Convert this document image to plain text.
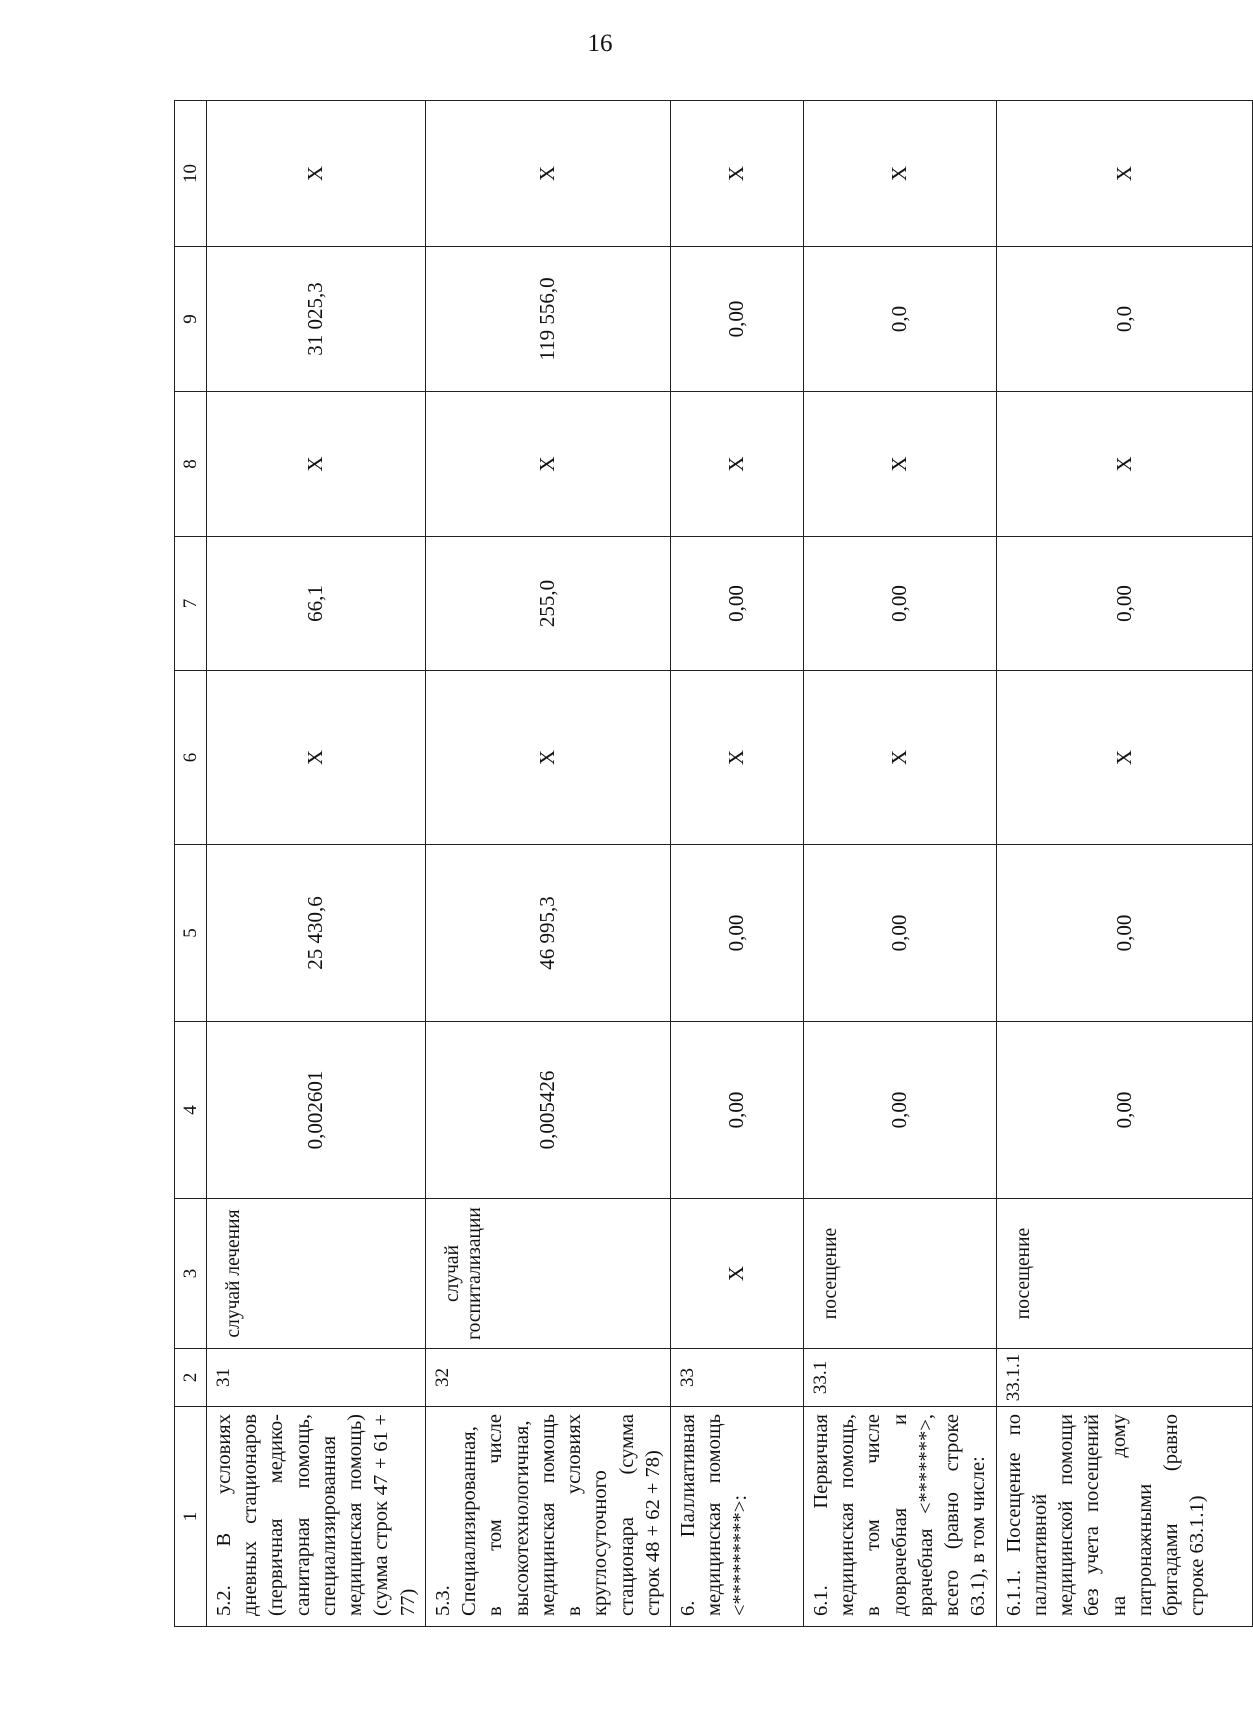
16
1	2	3	4	5	6	7	8	9	10
5.2. В условиях дневных стационаров (первичная медико-санитарная помощь, специализированная медицинская помощь) (сумма строк 47 + 61 + 77)	31	случай лечения	0,002601	25 430,6	Х	66,1	Х	31 025,3	Х
5.3. Специализированная, в том числе высокотехнологичная, медицинская помощь в условиях круглосуточного стационара (сумма строк 48 + 62 + 78)	32	случай госпитализации	0,005426	46 995,3	Х	255,0	Х	119 556,0	Х
6. Паллиативная медицинская помощь <*********>:	33	Х	0,00	0,00	Х	0,00	Х	0,00	Х
6.1. Первичная медицинская помощь, в том числе доврачебная и врачебная <*******>, всего (равно строке 63.1), в том числе:	33.1	посещение	0,00	0,00	Х	0,00	Х	0,0	Х
6.1.1. Посещение по паллиативной медицинской помощи без учета посещений на дому патронажными бригадами (равно строке 63.1.1)	33.1.1	посещение	0,00	0,00	Х	0,00	Х	0,0	Х
